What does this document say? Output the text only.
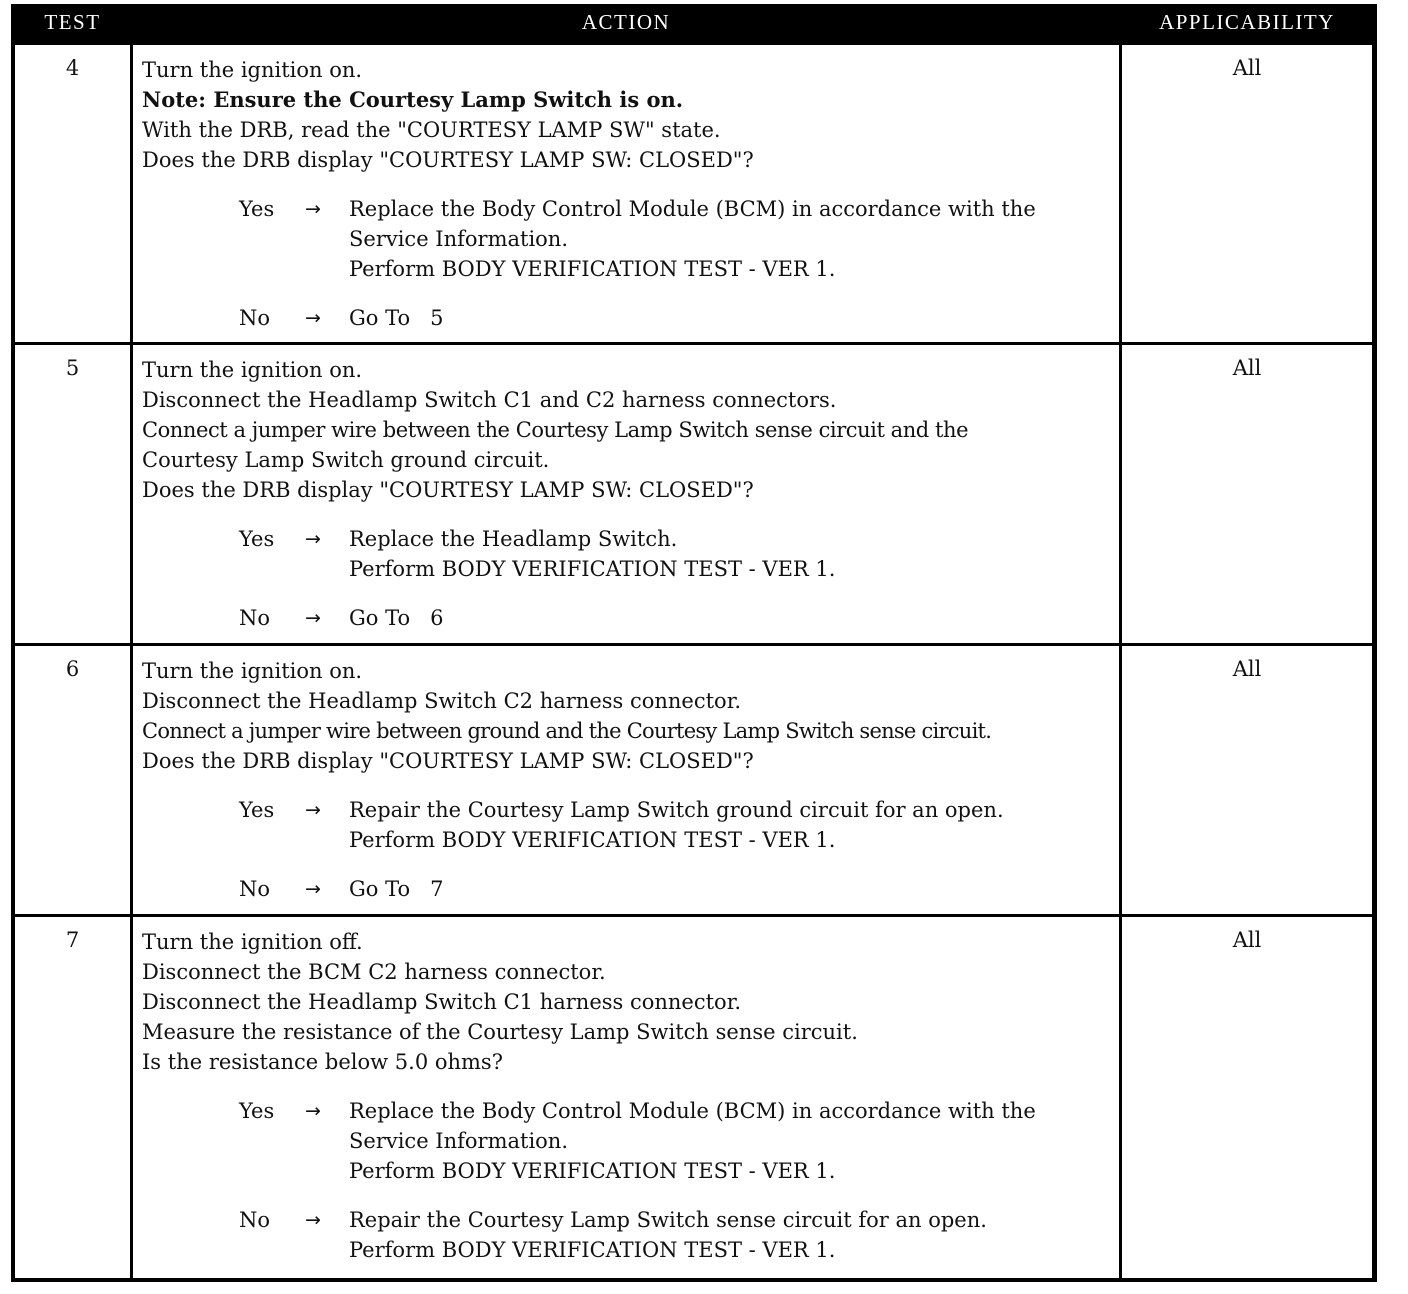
TEST	ACTION	APPLICABILITY
4	Turn the ignition on.
Note: Ensure the Courtesy Lamp Switch is on.
With the DRB, read the "COURTESY LAMP SW" state.
Does the DRB display "COURTESY LAMP SW: CLOSED"?
Yes	→	Replace the Body Control Module (BCM) in accordance with the
Service Information.
Perform BODY VERIFICATION TEST - VER 1.
No	→	Go To   5
All
5	Turn the ignition on.
Disconnect the Headlamp Switch C1 and C2 harness connectors.
Connect a jumper wire between the Courtesy Lamp Switch sense circuit and the
Courtesy Lamp Switch ground circuit.
Does the DRB display "COURTESY LAMP SW: CLOSED"?
Yes	→	Replace the Headlamp Switch.
Perform BODY VERIFICATION TEST - VER 1.
No	→	Go To   6
All
6	Turn the ignition on.
Disconnect the Headlamp Switch C2 harness connector.
Connect a jumper wire between ground and the Courtesy Lamp Switch sense circuit.
Does the DRB display "COURTESY LAMP SW: CLOSED"?
Yes	→	Repair the Courtesy Lamp Switch ground circuit for an open.
Perform BODY VERIFICATION TEST - VER 1.
No	→	Go To   7
All
7	Turn the ignition off.
Disconnect the BCM C2 harness connector.
Disconnect the Headlamp Switch C1 harness connector.
Measure the resistance of the Courtesy Lamp Switch sense circuit.
Is the resistance below 5.0 ohms?
Yes	→	Replace the Body Control Module (BCM) in accordance with the
Service Information.
Perform BODY VERIFICATION TEST - VER 1.
No	→	Repair the Courtesy Lamp Switch sense circuit for an open.
Perform BODY VERIFICATION TEST - VER 1.
All
